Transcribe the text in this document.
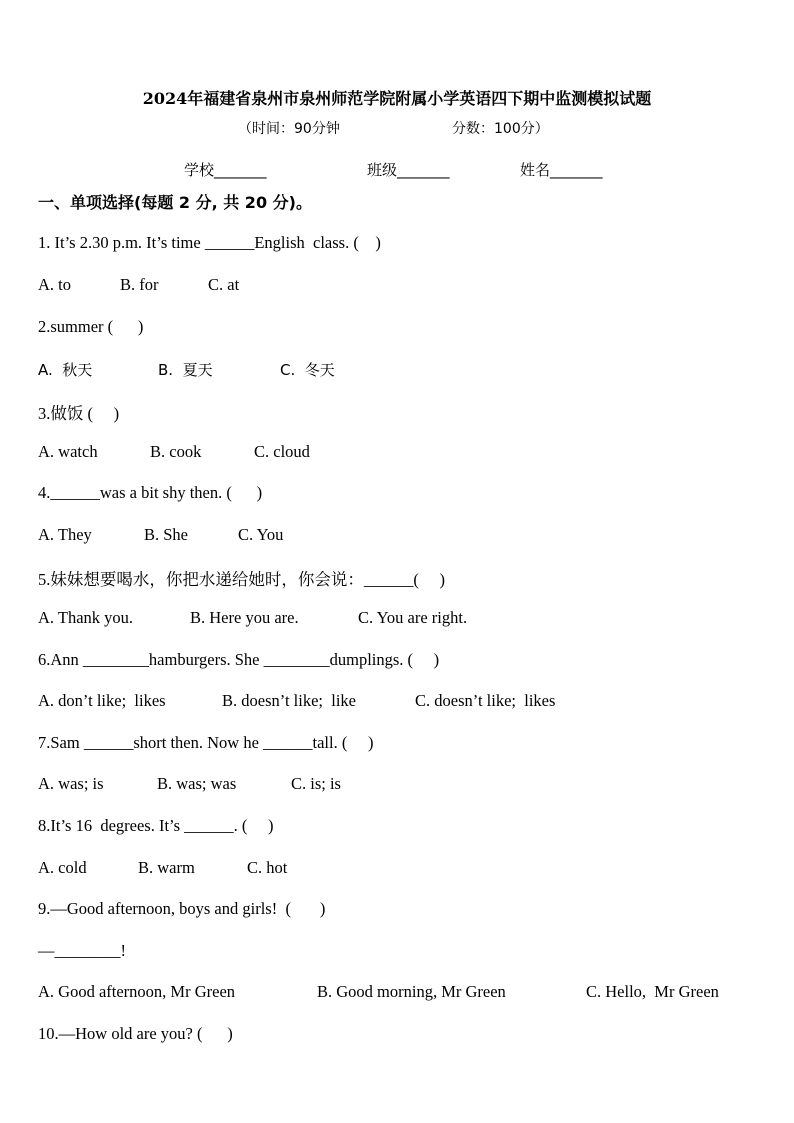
2024年福建省泉州市泉州师范学院附属小学英语四下期中监测模拟试题
（时间：90分钟	分数：100分）
学校_______	班级_______	姓名_______
一、单项选择(每题 2 分, 共 20 分)。
1. It’s 2.30 p.m. It’s time ______English  class. (    )
A. to	B. for	C. at
2.summer (      )
A.  秋天	B.  夏天	C.  冬天
3.做饭 (     )
A. watch	B. cook	C. cloud
4.______was a bit shy then. (      )
A. They	B. She	C. You
5.妹妹想要喝水，你把水递给她时，你会说：______(     )
A. Thank you.	B. Here you are.	C. You are right.
6.Ann ________hamburgers. She ________dumplings. (     )
A. don’t like;  likes	B. doesn’t like;  like	C. doesn’t like;  likes
7.Sam ______short then. Now he ______tall. (     )
A. was; is	B. was; was	C. is; is
8.It’s 16  degrees. It’s ______. (     )
A. cold	B. warm	C. hot
9.—Good afternoon, boys and girls!  (       )
—________!
A. Good afternoon, Mr Green	B. Good morning, Mr Green	C. Hello,  Mr Green
10.—How old are you? (      )
